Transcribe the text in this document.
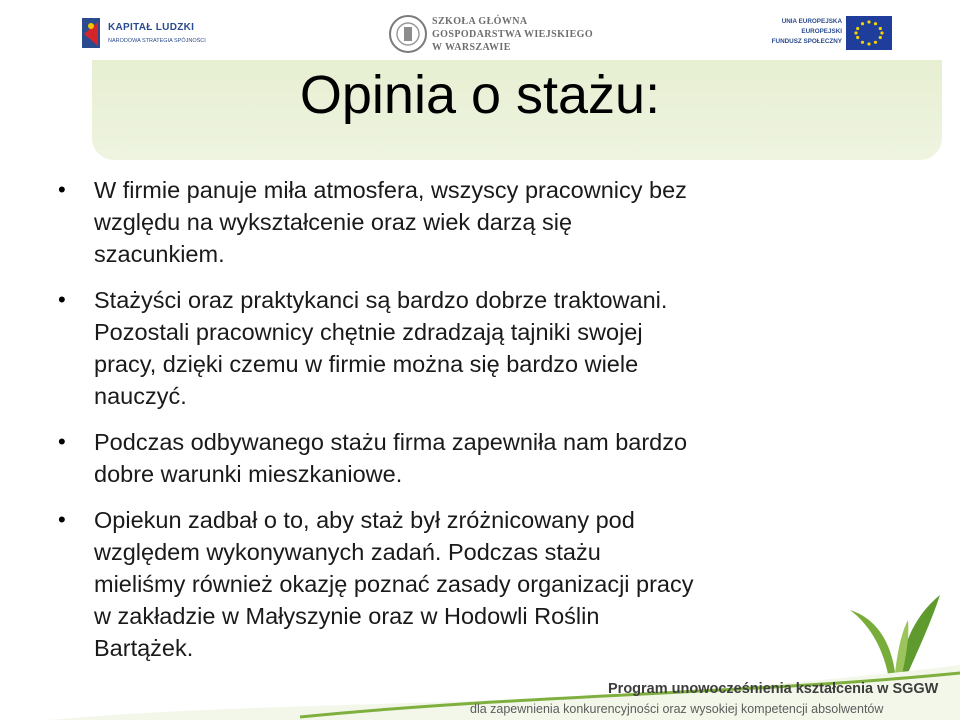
KAPITAŁ LUDZKI
NARODOWA STRATEGIA SPÓJNOŚCI
SZKOŁA GŁÓWNA
GOSPODARSTWA WIEJSKIEGO
W WARSZAWIE
UNIA EUROPEJSKA
EUROPEJSKI
FUNDUSZ SPOŁECZNY
Opinia o stażu:
• W firmie panuje miła atmosfera, wszyscy pracownicy bez względu na wykształcenie oraz wiek darzą się szacunkiem.
• Stażyści oraz praktykanci są bardzo dobrze traktowani. Pozostali pracownicy chętnie zdradzają tajniki swojej pracy, dzięki czemu w firmie można się bardzo wiele nauczyć.
• Podczas odbywanego stażu firma zapewniła nam bardzo dobre warunki mieszkaniowe.
• Opiekun zadbał o to, aby staż był zróżnicowany pod względem wykonywanych zadań. Podczas stażu mieliśmy również okazję poznać zasady organizacji pracy w zakładzie w Małyszynie oraz w Hodowli Roślin Bartążek.
Program unowocześnienia kształcenia w SGGW
dla zapewnienia konkurencyjności oraz wysokiej kompetencji absolwentów
